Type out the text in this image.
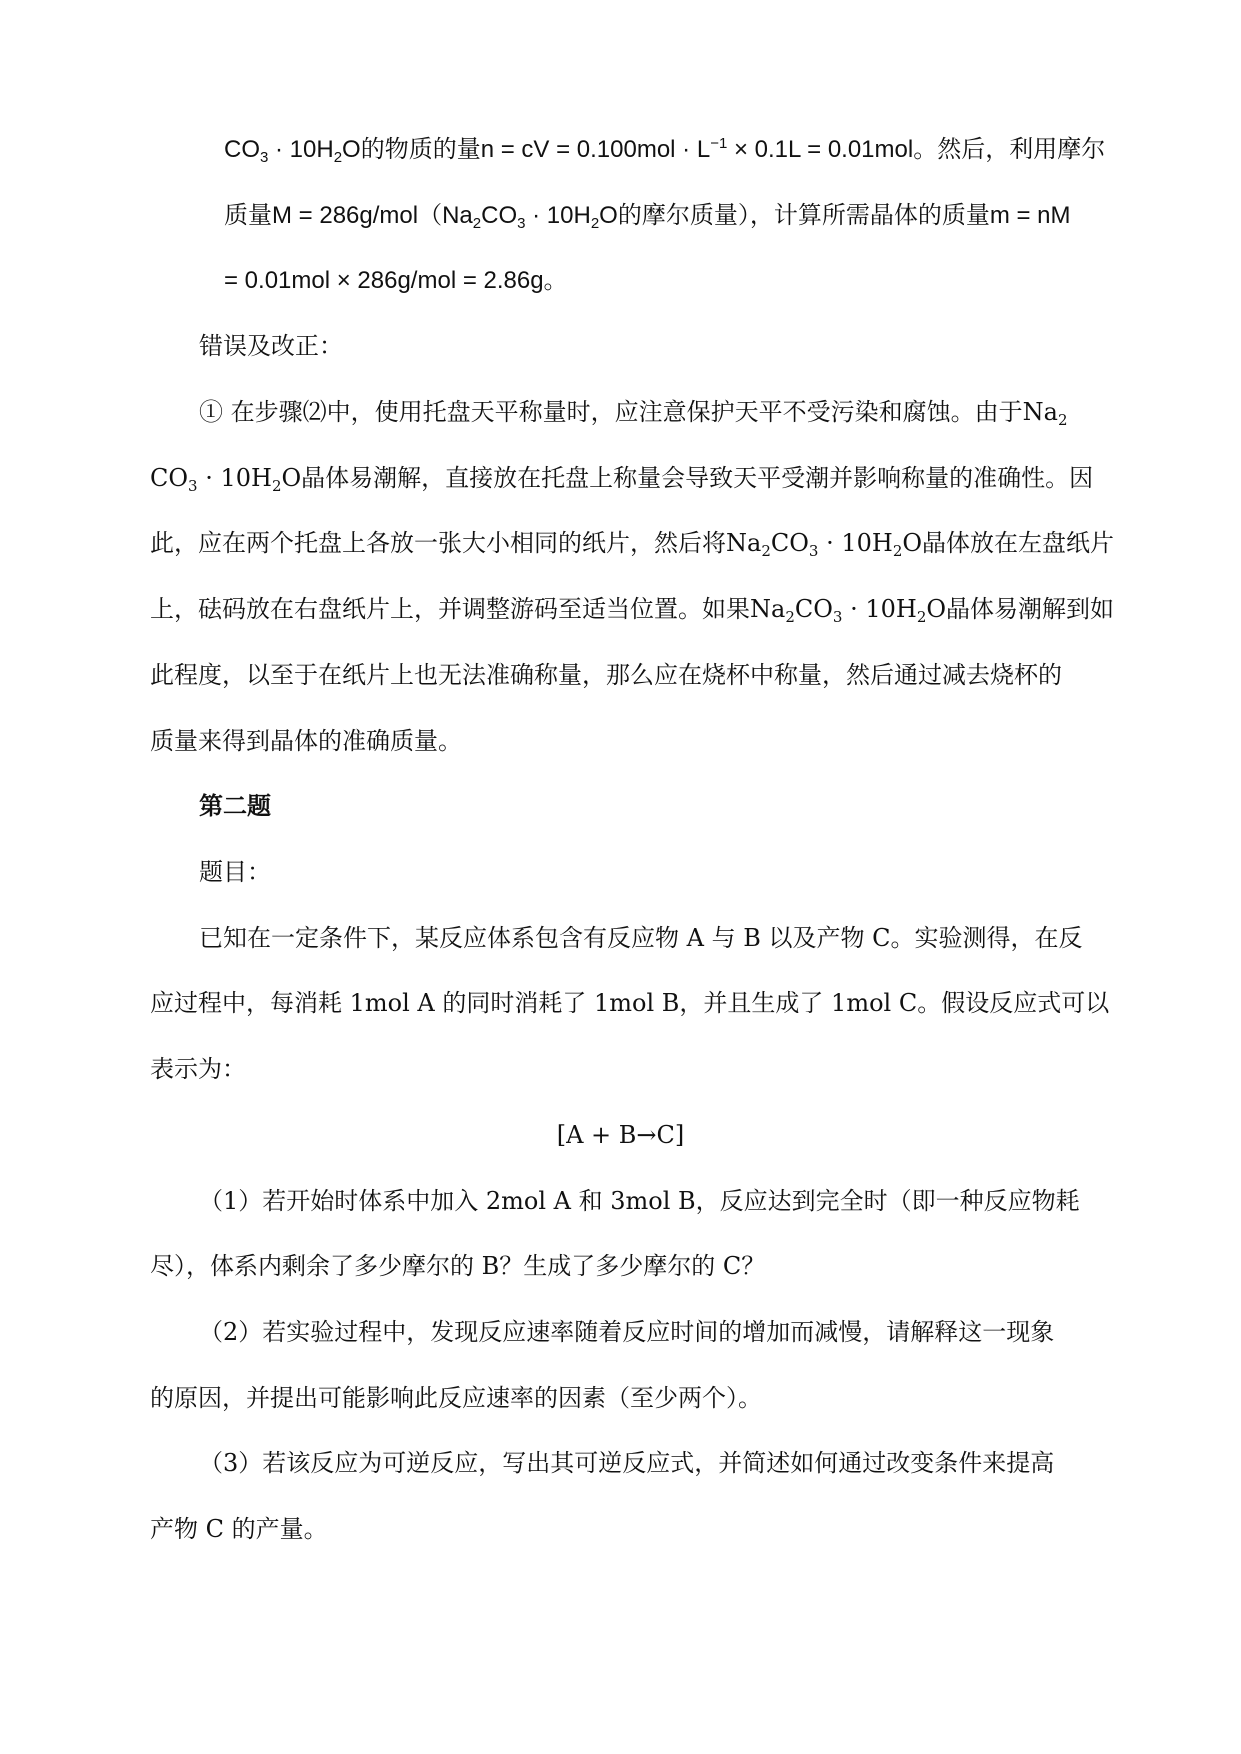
$CO_3 \cdot 10H_2O$的物质的量n = cV = $0.100mol \cdot L^{-1} \times 0.1L = 0.01mol$。然后，利用摩尔
质量$M = 286g/mol(Na_2CO_3 \cdot 10H_2O$的摩尔质量），计算所需晶体的质量m = nM
= 0.01mol × 286g/mol = 2.86g。
错误及改正：
① 在步骤⑵中，使用托盘天平称量时，应注意保护天平不受污染和腐蚀。由于$Na_2$
$CO_3 \cdot 10H_2O$晶体易潮解，直接放在托盘上称量会导致天平受潮并影响称量的准确性。因
此，应在两个托盘上各放一张大小相同的纸片，然后将$Na_2CO_3 \cdot 10H_2O$晶体放在左盘纸片
上，砝码放在右盘纸片上，并调整游码至适当位置。如果$Na_2CO_3 \cdot 10H_2O$晶体易潮解到如
此程度，以至于在纸片上也无法准确称量，那么应在烧杯中称量，然后通过减去烧杯的
质量来得到晶体的准确质量。
第二题
题目：
已知在一定条件下，某反应体系包含有反应物 A 与 B 以及产物 C。实验测得，在反
应过程中，每消耗 1mol A 的同时消耗了 1mol B，并且生成了 1mol C。假设反应式可以
表示为：
[A + B→C]
（1）若开始时体系中加入 2mol A 和 3mol B，反应达到完全时（即一种反应物耗
尽），体系内剩余了多少摩尔的 B？生成了多少摩尔的 C？
（2）若实验过程中，发现反应速率随着反应时间的增加而减慢，请解释这一现象
的原因，并提出可能影响此反应速率的因素（至少两个）。
（3）若该反应为可逆反应，写出其可逆反应式，并简述如何通过改变条件来提高
产物 C 的产量。
